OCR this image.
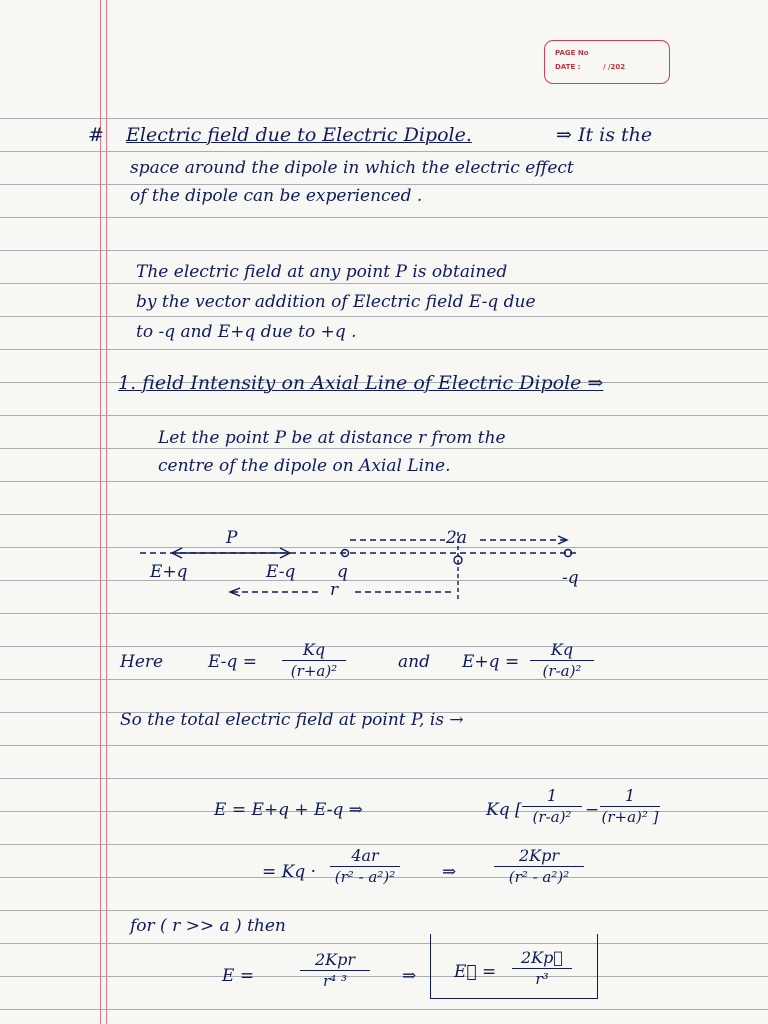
PAGE No
DATE :	/ /202
# Electric field due to Electric Dipole.	⇒ It is the
space around the dipole in which the electric effect
of the dipole can be experienced .
The electric field at any point P is obtained
by the vector addition of Electric field E-q due
to -q and E+q due to +q .
1. field Intensity on Axial Line of Electric Dipole ⇒
Let the point P be at distance r from the
centre of the dipole on Axial Line.
P	2a
E+q	E-q q	-q
r
Here	E-q =
Kq
(r+a)²	and E+q =
Kq
(r-a)²
So the total electric field at point P, is →
E = E+q + E-q ⇒	Kq [
1
(r-a)² −
1
(r+a)² ]
= Kq ·
4ar
(r² - a²)²	⇒
2Kpr
(r² - a²)²
for ( r >> a ) then
E =
2Kpr
r⁴ ³	⇒ E⃗ =
2Kp⃗
r³
